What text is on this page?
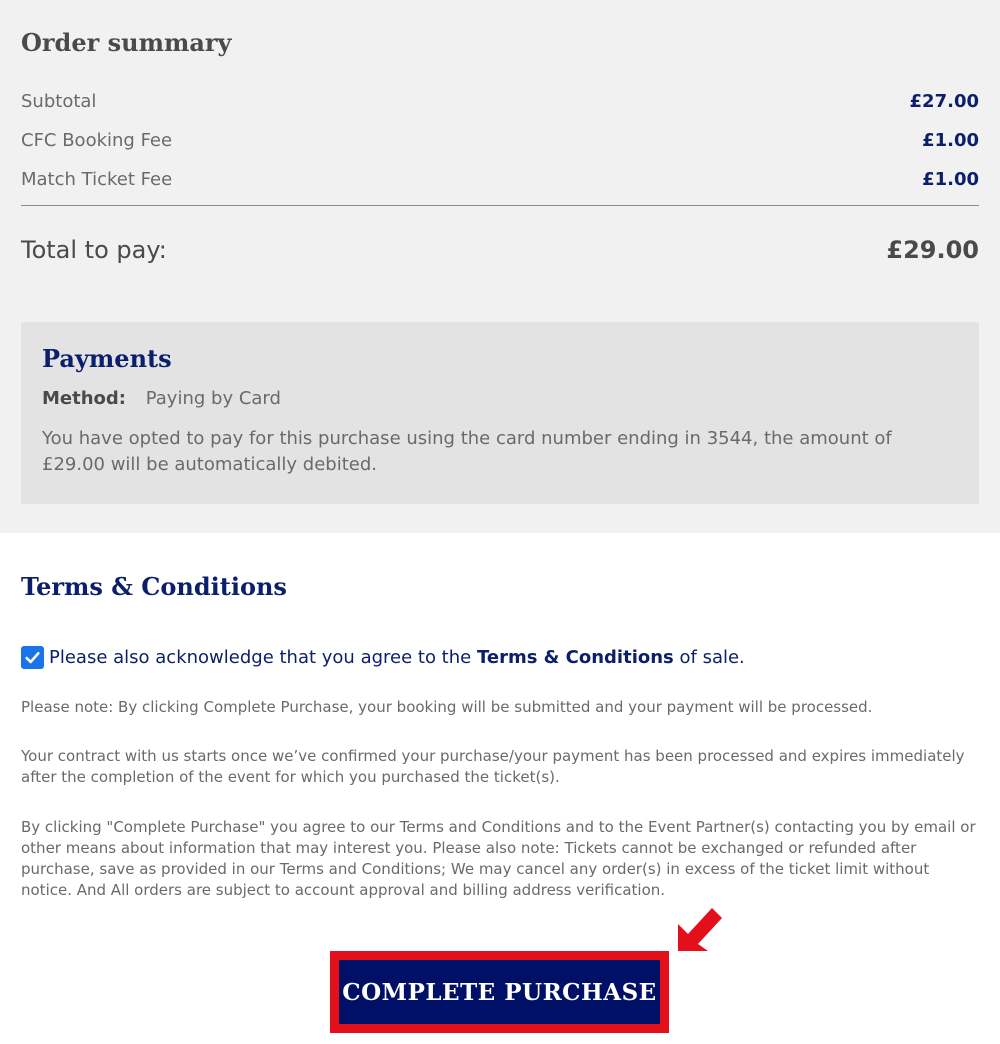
Order summary
Subtotal	£27.00
CFC Booking Fee	£1.00
Match Ticket Fee	£1.00
Total to pay:	£29.00
Payments
Method: Paying by Card

You have opted to pay for this purchase using the card number ending in 3544, the amount of £29.00 will be automatically debited.

Terms & Conditions
Please also acknowledge that you agree to the Terms & Conditions of sale.

Please note: By clicking Complete Purchase, your booking will be submitted and your payment will be processed.

Your contract with us starts once we’ve confirmed your purchase/your payment has been processed and expires immediately after the completion of the event for which you purchased the ticket(s).

By clicking "Complete Purchase" you agree to our Terms and Conditions and to the Event Partner(s) contacting you by email or other means about information that may interest you. Please also note: Tickets cannot be exchanged or refunded after purchase, save as provided in our Terms and Conditions; We may cancel any order(s) in excess of the ticket limit without notice. And All orders are subject to account approval and billing address verification.

COMPLETE PURCHASE
